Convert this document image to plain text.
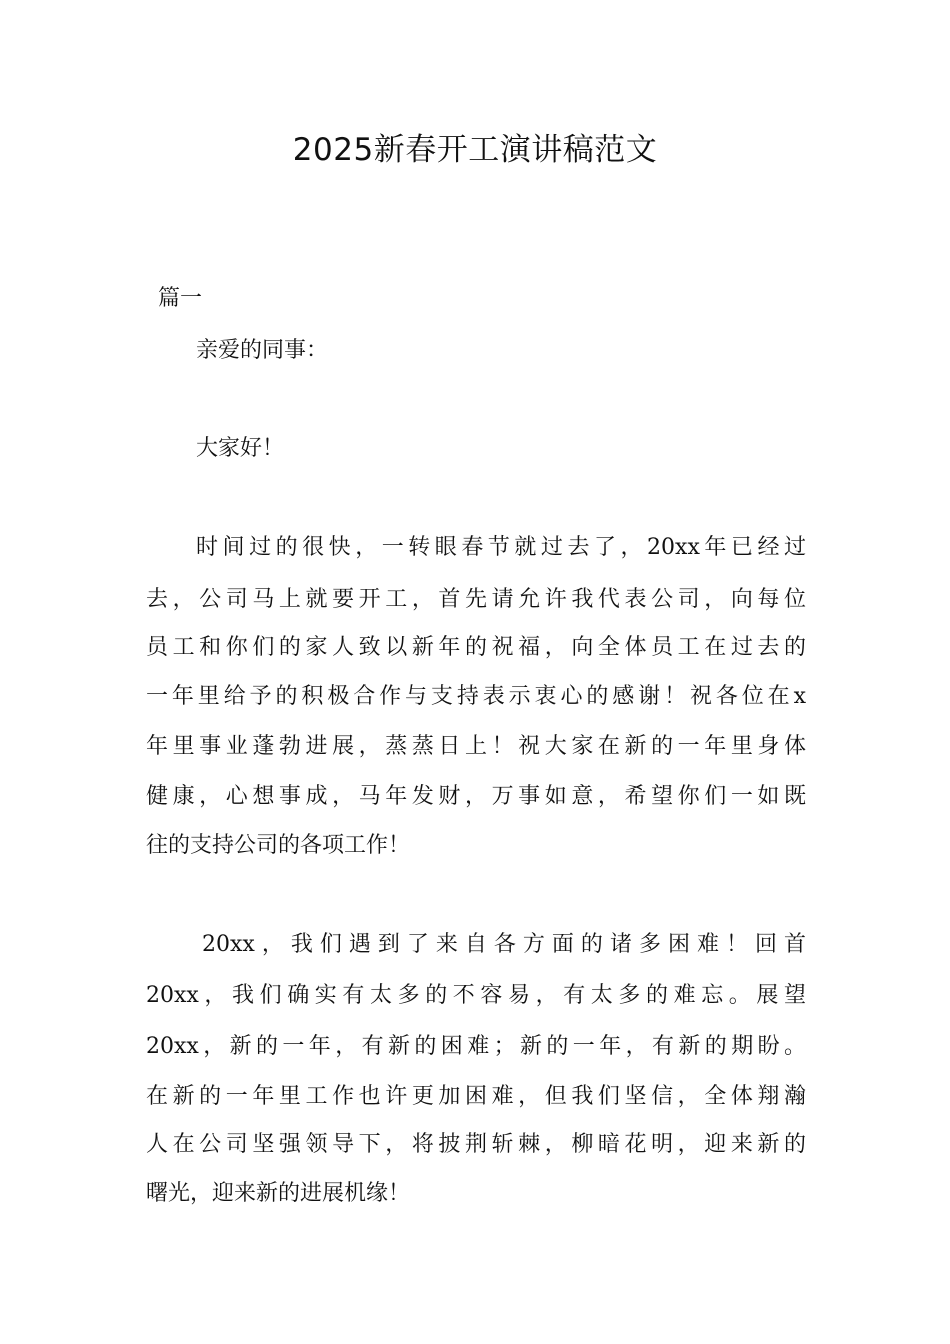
2025新春开工演讲稿范文
篇一
亲爱的同事：
大家好！
时间过的很快，一转眼春节就过去了，20xx年已经过
去，公司马上就要开工，首先请允许我代表公司，向每位
员工和你们的家人致以新年的祝福，向全体员工在过去的
一年里给予的积极合作与支持表示衷心的感谢！祝各位在x
年里事业蓬勃进展，蒸蒸日上！祝大家在新的一年里身体
健康，心想事成，马年发财，万事如意，希望你们一如既
往的支持公司的各项工作！
20xx，我们遇到了来自各方面的诸多困难！回首
20xx，我们确实有太多的不容易，有太多的难忘。展望
20xx，新的一年，有新的困难；新的一年，有新的期盼。
在新的一年里工作也许更加困难，但我们坚信，全体翔瀚
人在公司坚强领导下，将披荆斩棘，柳暗花明，迎来新的
曙光，迎来新的进展机缘！
